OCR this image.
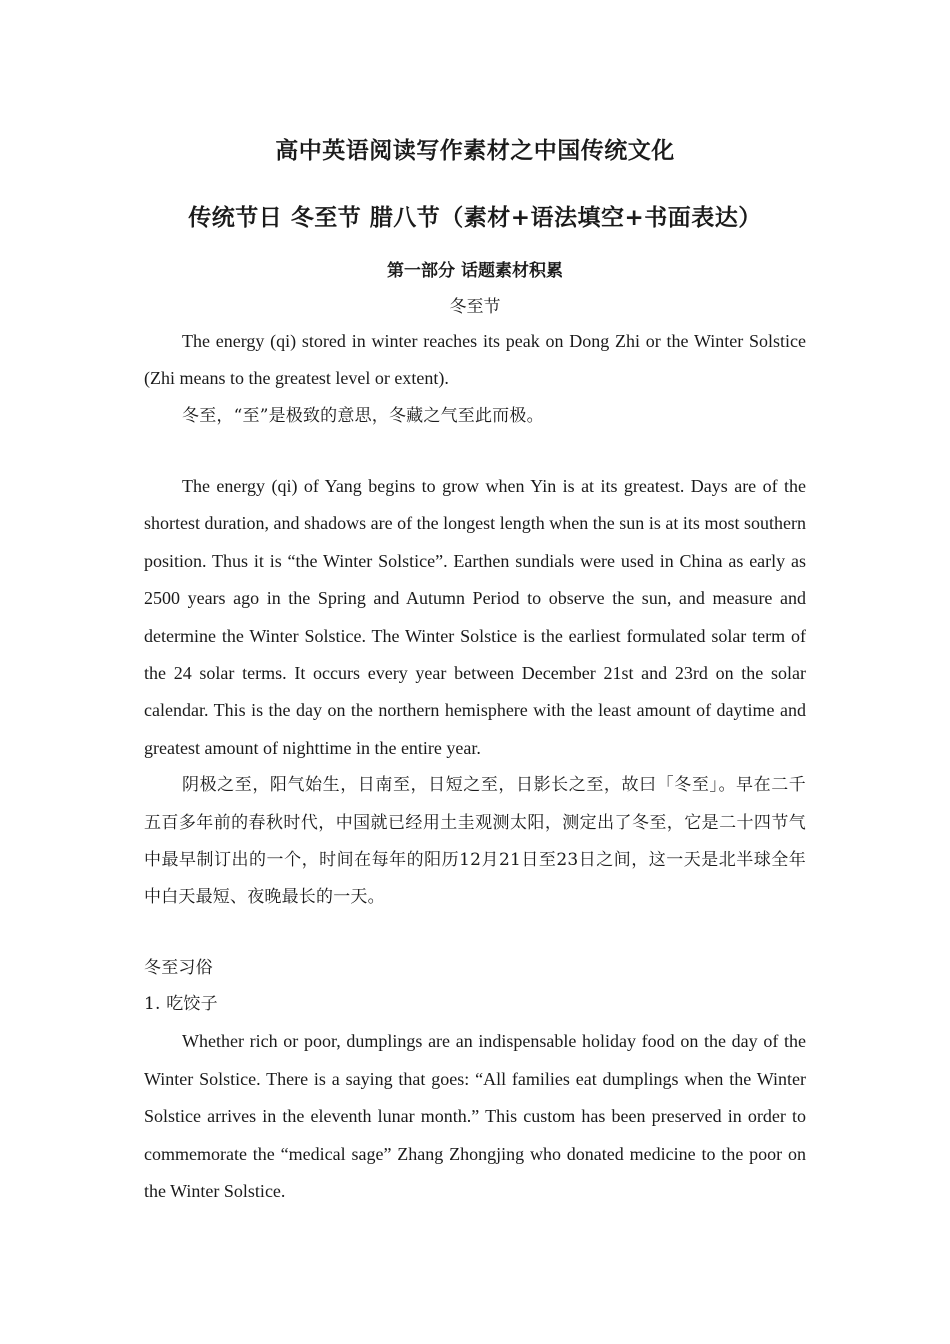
高中英语阅读写作素材之中国传统文化
传统节日 冬至节 腊八节（素材+语法填空+书面表达）
第一部分 话题素材积累
冬至节

The energy (qi) stored in winter reaches its peak on Dong Zhi or the Winter Solstice (Zhi means to the greatest level or extent).

冬至，“至”是极致的意思，冬藏之气至此而极。

The energy (qi) of Yang begins to grow when Yin is at its greatest. Days are of the shortest duration, and shadows are of the longest length when the sun is at its most southern position. Thus it is “the Winter Solstice”. Earthen sundials were used in China as early as 2500 years ago in the Spring and Autumn Period to observe the sun, and measure and determine the Winter Solstice. The Winter Solstice is the earliest formulated solar term of the 24 solar terms. It occurs every year between December 21st and 23rd on the solar calendar. This is the day on the northern hemisphere with the least amount of daytime and greatest amount of nighttime in the entire year.

阴极之至，阳气始生，日南至，日短之至，日影长之至，故曰「冬至」。早在二千五百多年前的春秋时代，中国就已经用土圭观测太阳，测定出了冬至，它是二十四节气中最早制订出的一个，时间在每年的阳历12月21日至23日之间，这一天是北半球全年中白天最短、夜晚最长的一天。

冬至习俗

1. 吃饺子

Whether rich or poor, dumplings are an indispensable holiday food on the day of the Winter Solstice. There is a saying that goes: “All families eat dumplings when the Winter Solstice arrives in the eleventh lunar month.” This custom has been preserved in order to commemorate the “medical sage” Zhang Zhongjing who donated medicine to the poor on the Winter Solstice.
